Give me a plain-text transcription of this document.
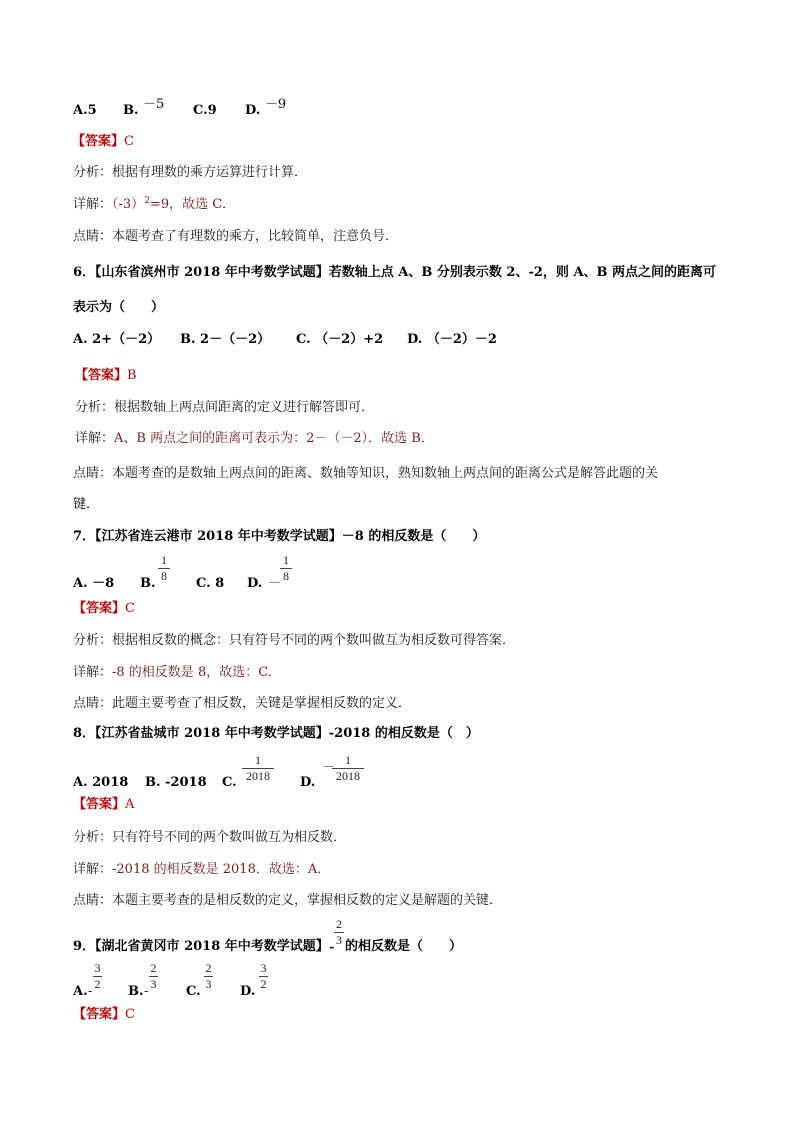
A.5 B. －5 C.9 D. －9
【答案】C
分析：根据有理数的乘方运算进行计算．
详解：$(-3)^2=9$，故选 C．
点睛：本题考查了有理数的乘方，比较简单，注意负号．
6．【山东省滨州市 2018 年中考数学试题】若数轴上点 A、B 分别表示数 2、-2，则 A、B 两点之间的距离可
表示为（　　）
A. 2+（－2） B. 2－（－2） C. （－2）+2 D. （－2）－2
【答案】B
分析：根据数轴上两点间距离的定义进行解答即可．
详解：A、B 两点之间的距离可表示为：2－（－2）．故选 B．
点睛：本题考查的是数轴上两点间的距离、数轴等知识，熟知数轴上两点间的距离公式是解答此题的关
键．
7．【江苏省连云港市 2018 年中考数学试题】－8 的相反数是（　　）
A. －8 B.
1
8 C. 8 D. －
1
8
【答案】C
分析：根据相反数的概念：只有符号不同的两个数叫做互为相反数可得答案．
详解：-8 的相反数是 8，故选：C．
点睛：此题主要考查了相反数，关键是掌握相反数的定义．
8．【江苏省盐城市 2018 年中考数学试题】-2018 的相反数是（　）
A. 2018 B. -2018 C.
1
2018	D.
－ 1
2018
【答案】A
分析：只有符号不同的两个数叫做互为相反数．
详解：-2018 的相反数是 2018．故选：A．
点睛：本题主要考查的是相反数的定义，掌握相反数的定义是解题的关键．
9．【湖北省黄冈市 2018 年中考数学试题】 -
2
3 的相反数是（　　）
A. -
3
2 B. -
2
3 C.
2
3 D.
3
2
【答案】C
